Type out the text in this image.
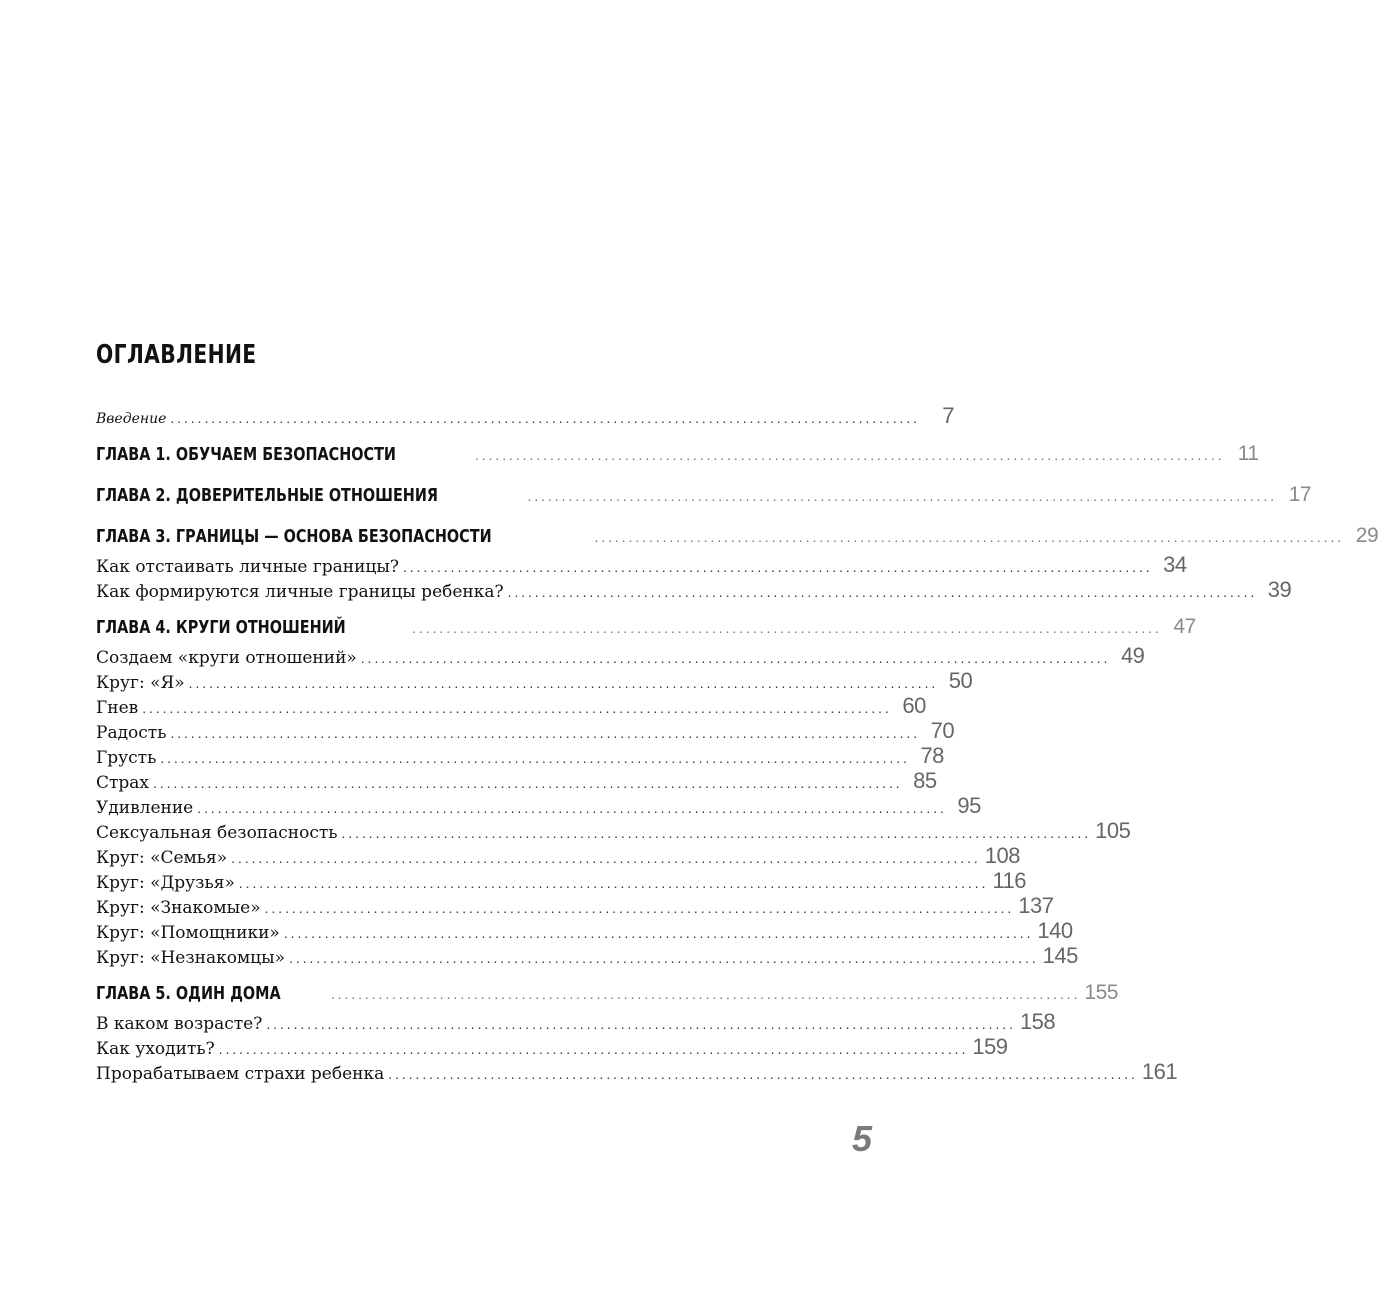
ОГЛАВЛЕНИЕ
Введение ..............................................................................................................	7
ГЛАВА 1. ОБУЧАЕМ БЕЗОПАСНОСТИ	.............................................................................................................. 11
ГЛАВА 2. ДОВЕРИТЕЛЬНЫЕ ОТНОШЕНИЯ	.............................................................................................................. 17
ГЛАВА 3. ГРАНИЦЫ — ОСНОВА БЕЗОПАСНОСТИ	.............................................................................................................. 29
Как отстаивать личные границы? .............................................................................................................. 34
Как формируются личные границы ребенка? .............................................................................................................. 39
ГЛАВА 4. КРУГИ ОТНОШЕНИЙ	.............................................................................................................. 47
Создаем «круги отношений» .............................................................................................................. 49
Круг: «Я» .............................................................................................................. 50
Гнев .............................................................................................................. 60
Радость .............................................................................................................. 70
Грусть .............................................................................................................. 78
Страх .............................................................................................................. 85
Удивление .............................................................................................................. 95
Сексуальная безопасность .............................................................................................................. 105
Круг: «Семья» .............................................................................................................. 108
Круг: «Друзья» .............................................................................................................. 116
Круг: «Знакомые» .............................................................................................................. 137
Круг: «Помощники» .............................................................................................................. 140
Круг: «Незнакомцы» .............................................................................................................. 145
ГЛАВА 5. ОДИН ДОМА	.............................................................................................................. 155
В каком возрасте? .............................................................................................................. 158
Как уходить? .............................................................................................................. 159
Прорабатываем страхи ребенка .............................................................................................................. 161
5
